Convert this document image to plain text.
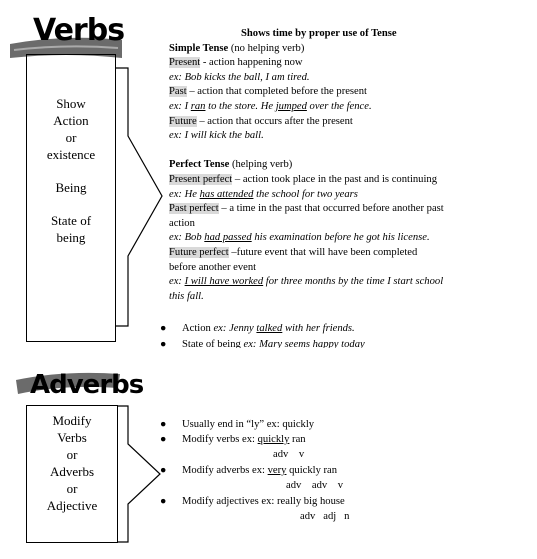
Verbs

Show

Action

or

existence

Being

State of

being

Shows time by proper use of Tense
Simple Tense (no helping verb)
Present - action happening now
ex: Bob kicks the ball, I am tired.
Past – action that completed before the present
ex: I ran to the store. He jumped over the fence.
Future – action that occurs after the present
ex: I will kick the ball.
Perfect Tense (helping verb)
Present perfect – action took place in the past and is continuing
ex: He has attended the school for two years
Past perfect – a time in the past that occurred before another past
action
ex: Bob had passed his examination before he got his license.
Future perfect –future event that will have been completed
before another event
ex: I will have worked for three months by the time I start school
this fall.
● Action ex: Jenny talked with her friends.
● State of being ex: Mary seems happy today
Adverbs

Modify

Verbs

or

Adverbs

or

Adjective

● Usually end in “ly” ex: quickly
● Modify verbs ex: quickly ran
adv    v
● Modify adverbs ex: very quickly ran
adv    adv    v
● Modify adjectives ex: really big house
adv   adj   n
